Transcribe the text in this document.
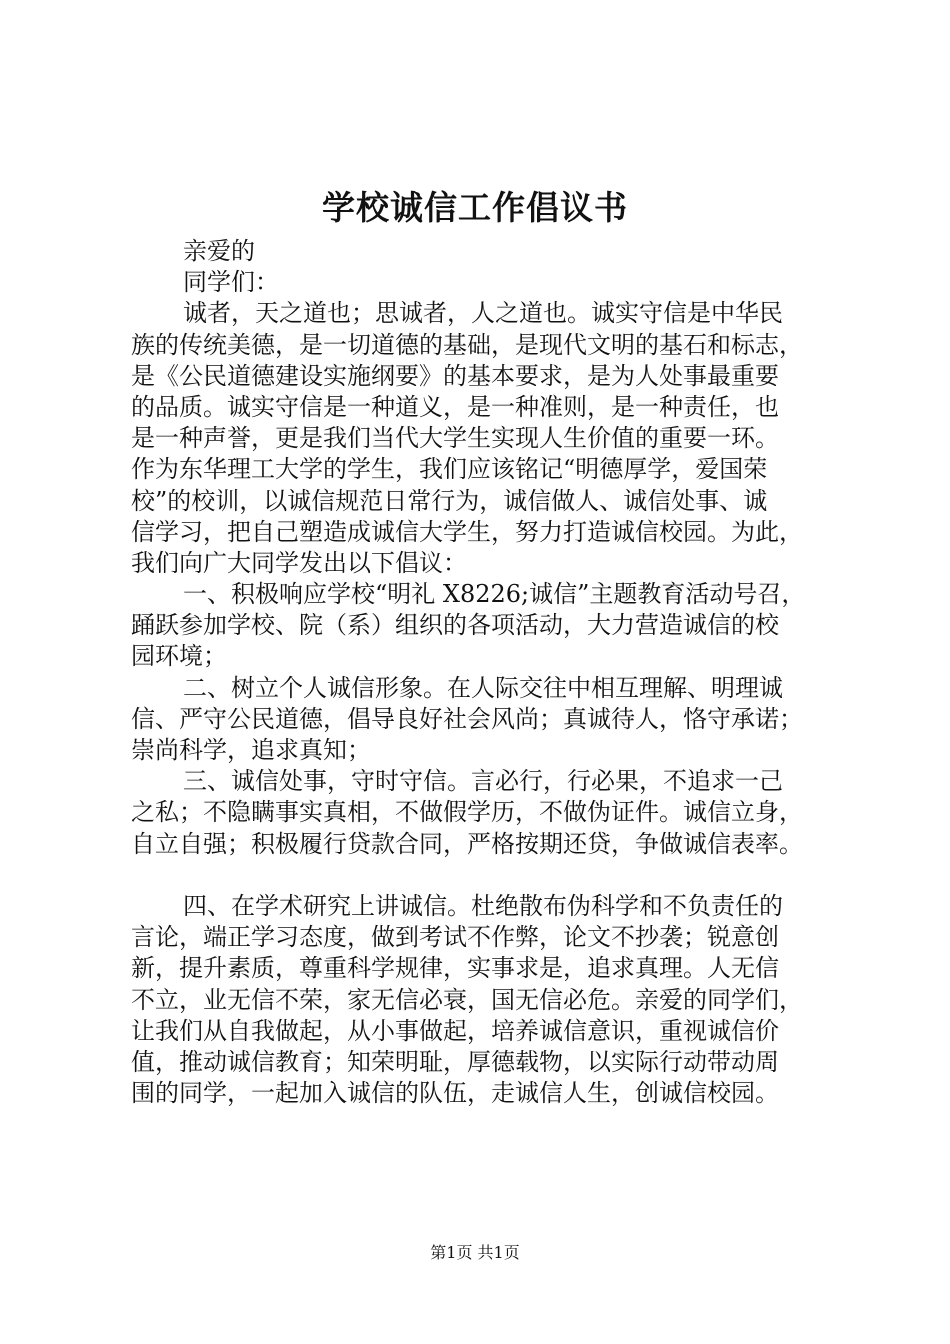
学校诚信工作倡议书

亲爱的

同学们：

诚者，天之道也；思诚者，人之道也。诚实守信是中华民

族的传统美德，是一切道德的基础，是现代文明的基石和标志，

是《公民道德建设实施纲要》的基本要求，是为人处事最重要

的品质。诚实守信是一种道义，是一种准则，是一种责任，也

是一种声誉，更是我们当代大学生实现人生价值的重要一环。

作为东华理工大学的学生，我们应该铭记“明德厚学，爱国荣

校”的校训，以诚信规范日常行为，诚信做人、诚信处事、诚

信学习，把自己塑造成诚信大学生，努力打造诚信校园。为此，

我们向广大同学发出以下倡议：

一、积极响应学校“明礼 X8226;诚信”主题教育活动号召，

踊跃参加学校、院（系）组织的各项活动，大力营造诚信的校

园环境；

二、树立个人诚信形象。在人际交往中相互理解、明理诚

信、严守公民道德，倡导良好社会风尚；真诚待人，恪守承诺；

崇尚科学，追求真知；

三、诚信处事，守时守信。言必行，行必果，不追求一己

之私；不隐瞒事实真相，不做假学历，不做伪证件。诚信立身，

自立自强；积极履行贷款合同，严格按期还贷，争做诚信表率。

四、在学术研究上讲诚信。杜绝散布伪科学和不负责任的

言论，端正学习态度，做到考试不作弊，论文不抄袭；锐意创

新，提升素质，尊重科学规律，实事求是，追求真理。人无信

不立，业无信不荣，家无信必衰，国无信必危。亲爱的同学们，

让我们从自我做起，从小事做起，培养诚信意识，重视诚信价

值，推动诚信教育；知荣明耻，厚德载物，以实际行动带动周

围的同学，一起加入诚信的队伍，走诚信人生，创诚信校园。

第1页 共1页
